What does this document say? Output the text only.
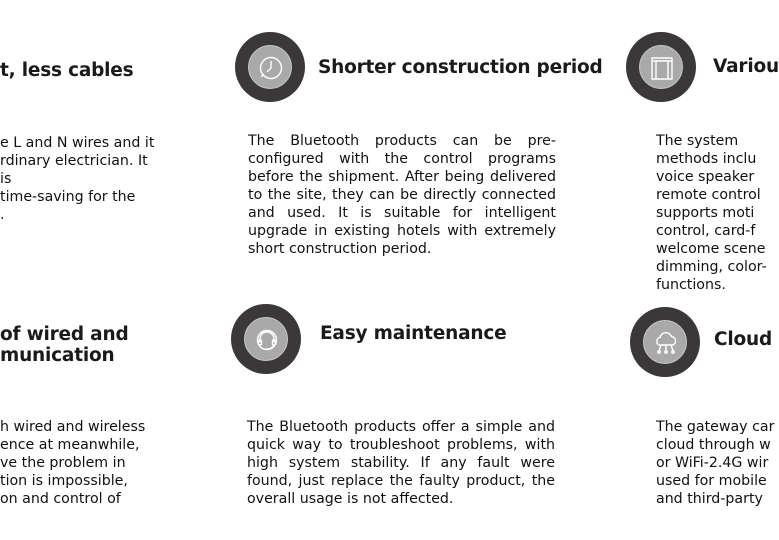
t, less cables

e L and N wires and it
rdinary electrician. It is
time-saving for the
.

Shorter construction period

The Bluetooth products can be pre-configured with the control programs before the shipment. After being delivered to the site, they can be directly connected and used. It is suitable for intelligent upgrade in existing hotels with extremely short construction period.

Variou

The system
methods inclu
voice speaker
remote control
supports moti
control, card-f
welcome scene
dimming, color-
functions.

of wired and
munication

h wired and wireless
ence at meanwhile,
ve the problem in
tion is impossible,
on and control of

Easy maintenance

The Bluetooth products offer a simple and quick way to troubleshoot problems, with high system stability. If any fault were found, just replace the faulty product, the overall usage is not affected.

Cloud

The gateway car
cloud through w
or WiFi-2.4G wir
used for mobile
and third-party
